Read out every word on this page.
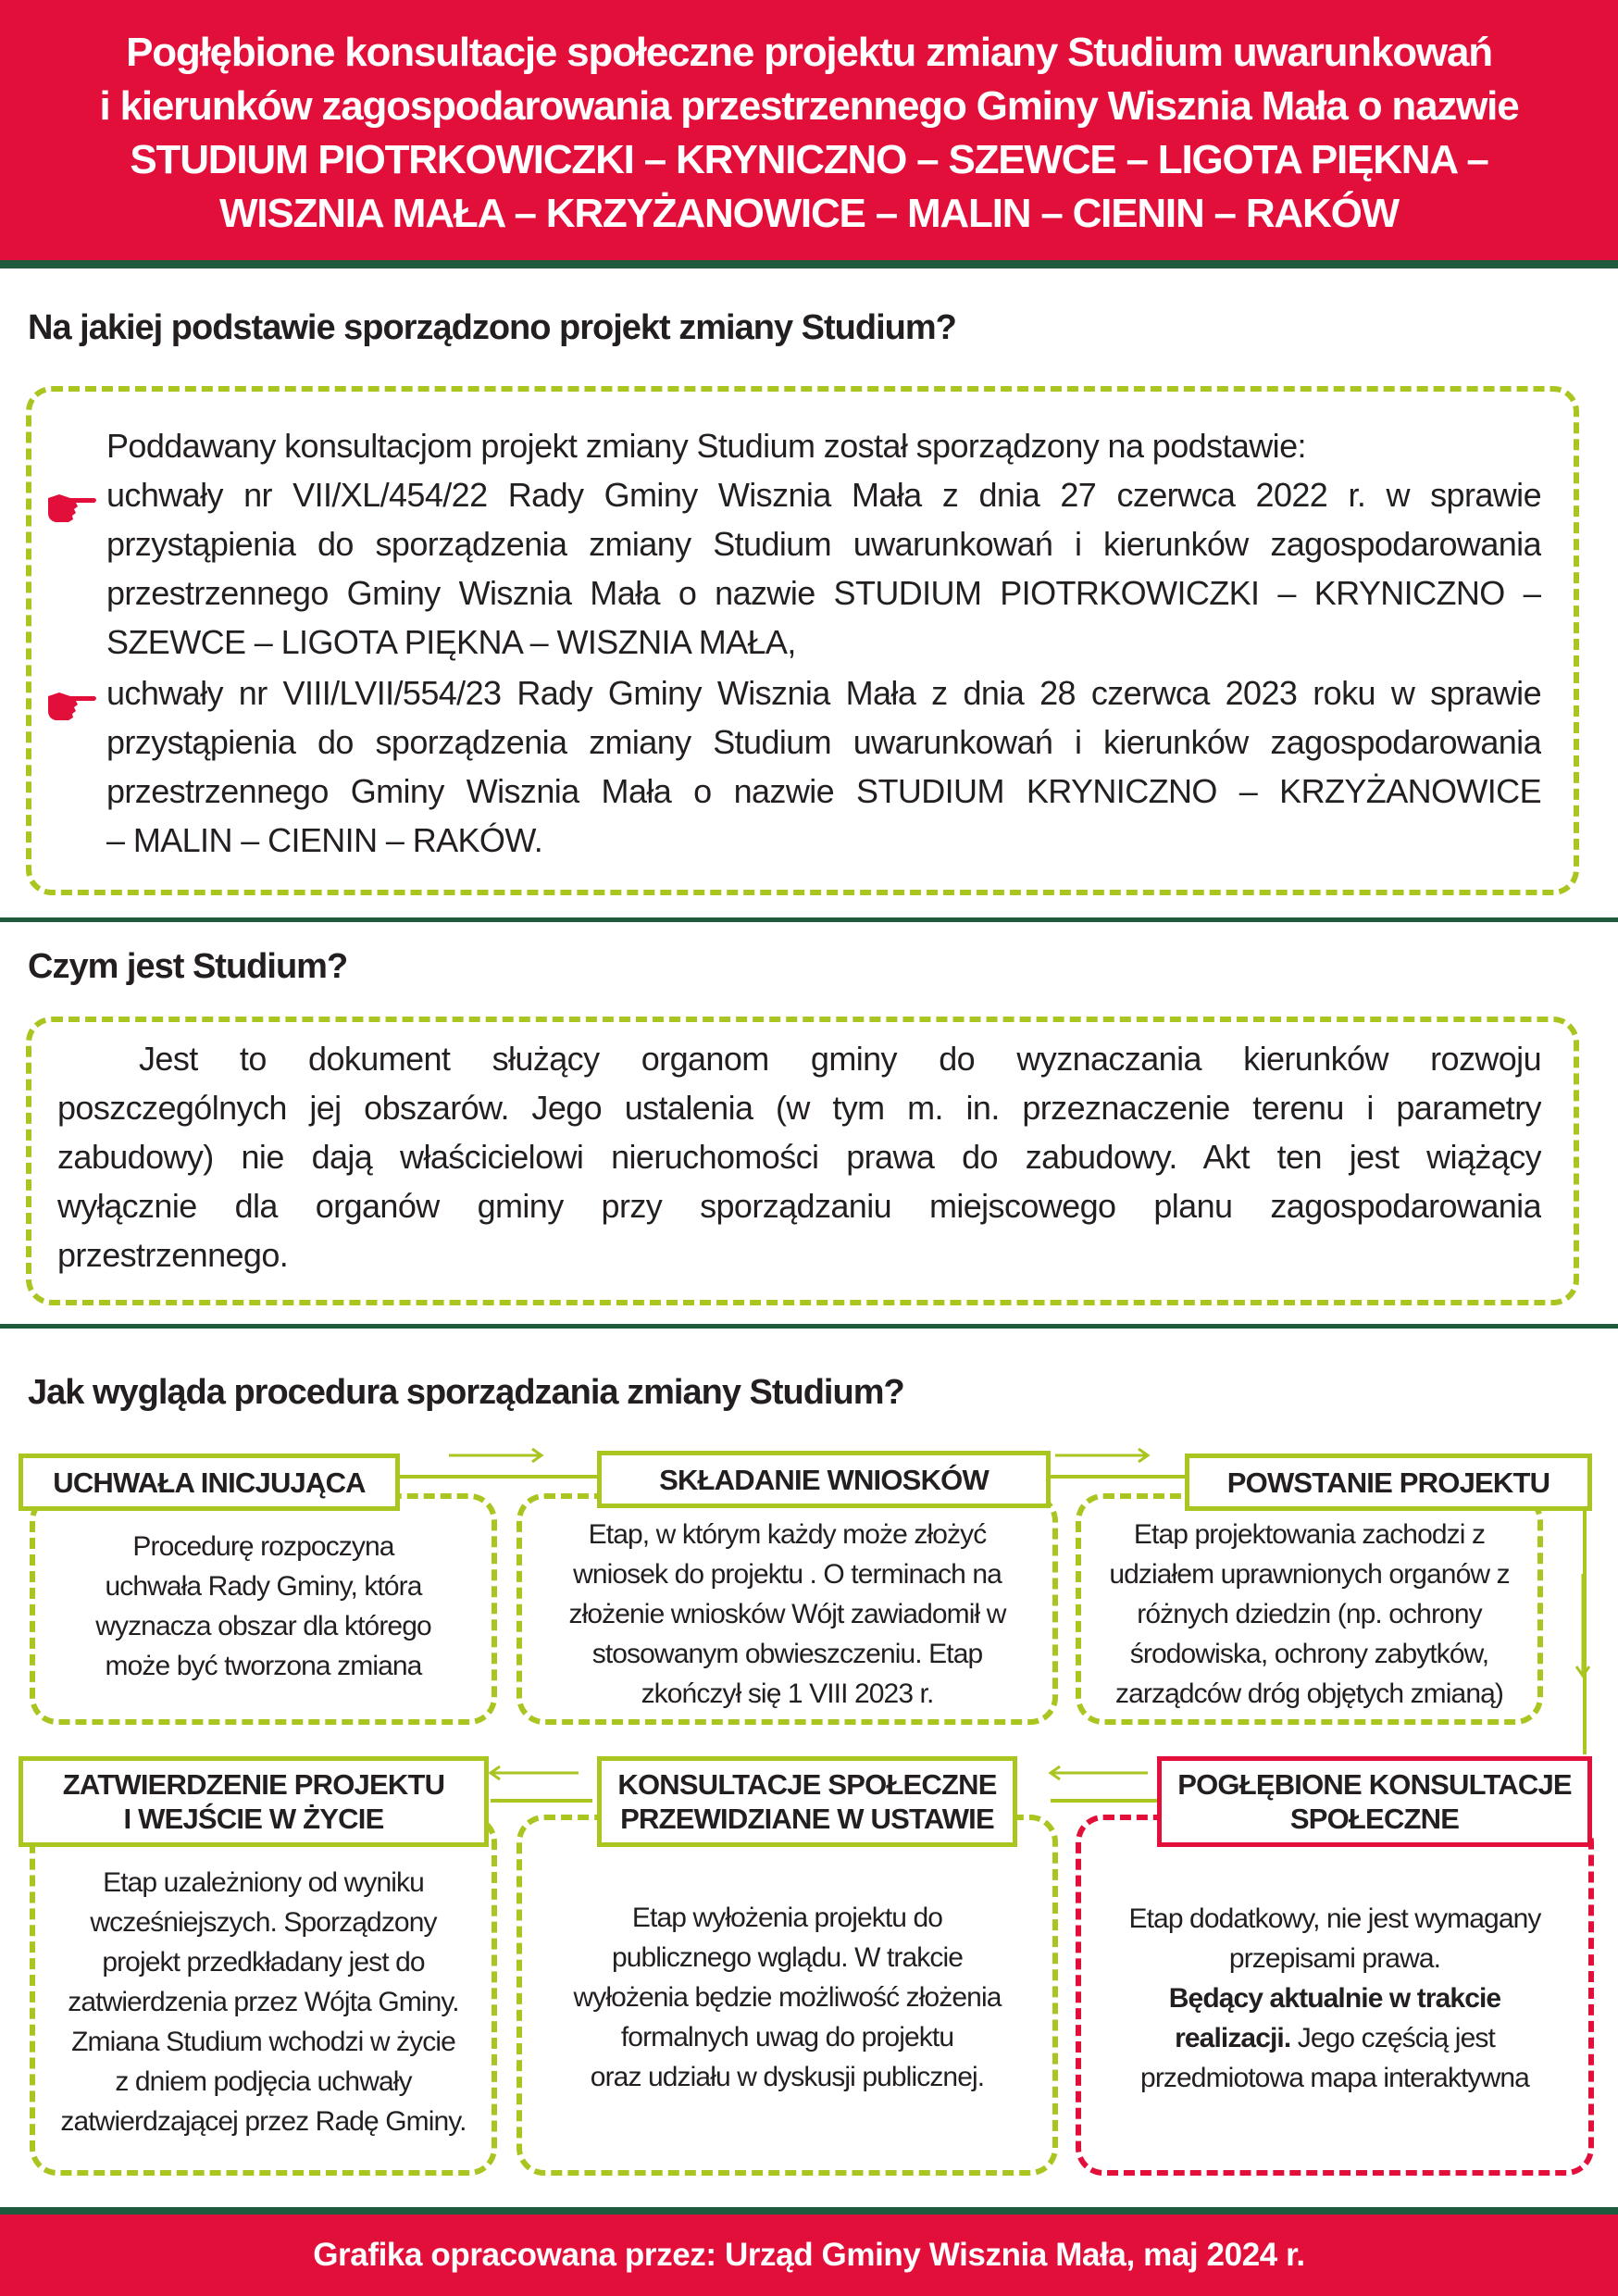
Pogłębione konsultacje społeczne projektu zmiany Studium uwarunkowań
i kierunków zagospodarowania przestrzennego Gminy Wisznia Mała o nazwie
STUDIUM PIOTRKOWICZKI – KRYNICZNO – SZEWCE – LIGOTA PIĘKNA –
WISZNIA MAŁA – KRZYŻANOWICE – MALIN – CIENIN – RAKÓW
Na jakiej podstawie sporządzono projekt zmiany Studium?
Poddawany konsultacjom projekt zmiany Studium został sporządzony na podstawie:
uchwały nr VII/XL/454/22 Rady Gminy Wisznia Mała z dnia 27 czerwca 2022 r. w sprawie
przystąpienia do sporządzenia zmiany Studium uwarunkowań i kierunków zagospodarowania
przestrzennego Gminy Wisznia Mała o nazwie STUDIUM PIOTRKOWICZKI – KRYNICZNO –
SZEWCE – LIGOTA PIĘKNA – WISZNIA MAŁA,
uchwały nr VIII/LVII/554/23 Rady Gminy Wisznia Mała z dnia 28 czerwca 2023 roku w sprawie
przystąpienia do sporządzenia zmiany Studium uwarunkowań i kierunków zagospodarowania
przestrzennego Gminy Wisznia Mała o nazwie STUDIUM KRYNICZNO – KRZYŻANOWICE
– MALIN – CIENIN – RAKÓW.
Czym jest Studium?
Jest to dokument służący organom gminy do wyznaczania kierunków rozwoju
poszczególnych jej obszarów. Jego ustalenia (w tym m. in. przeznaczenie terenu i parametry
zabudowy) nie dają właścicielowi nieruchomości prawa do zabudowy. Akt ten jest wiążący
wyłącznie dla organów gminy przy sporządzaniu miejscowego planu zagospodarowania
przestrzennego.
Jak wygląda procedura sporządzania zmiany Studium?
UCHWAŁA INICJUJĄCA
Procedurę rozpoczyna
uchwała Rady Gminy, która
wyznacza obszar dla którego
może być tworzona zmiana
SKŁADANIE WNIOSKÓW
Etap, w którym każdy może złożyć
wniosek do projektu . O terminach na
złożenie wniosków Wójt zawiadomił w
stosowanym obwieszczeniu. Etap
zkończył się 1 VIII 2023 r.
POWSTANIE PROJEKTU
Etap projektowania zachodzi z
udziałem uprawnionych organów z
różnych dziedzin (np. ochrony
środowiska, ochrony zabytków,
zarządców dróg objętych zmianą)
ZATWIERDZENIE PROJEKTU
I WEJŚCIE W ŻYCIE
Etap uzależniony od wyniku
wcześniejszych. Sporządzony
projekt przedkładany jest do
zatwierdzenia przez Wójta Gminy.
Zmiana Studium wchodzi w życie
z dniem podjęcia uchwały
zatwierdzającej przez Radę Gminy.
KONSULTACJE SPOŁECZNE
PRZEWIDZIANE W USTAWIE
Etap wyłożenia projektu do
publicznego wglądu. W trakcie
wyłożenia będzie możliwość złożenia
formalnych uwag do projektu
oraz udziału w dyskusji publicznej.
POGŁĘBIONE KONSULTACJE
SPOŁECZNE
Etap dodatkowy, nie jest wymagany
przepisami prawa.
Będący aktualnie w trakcie
realizacji. Jego częścią jest
przedmiotowa mapa interaktywna
Grafika opracowana przez: Urząd Gminy Wisznia Mała, maj 2024 r.
